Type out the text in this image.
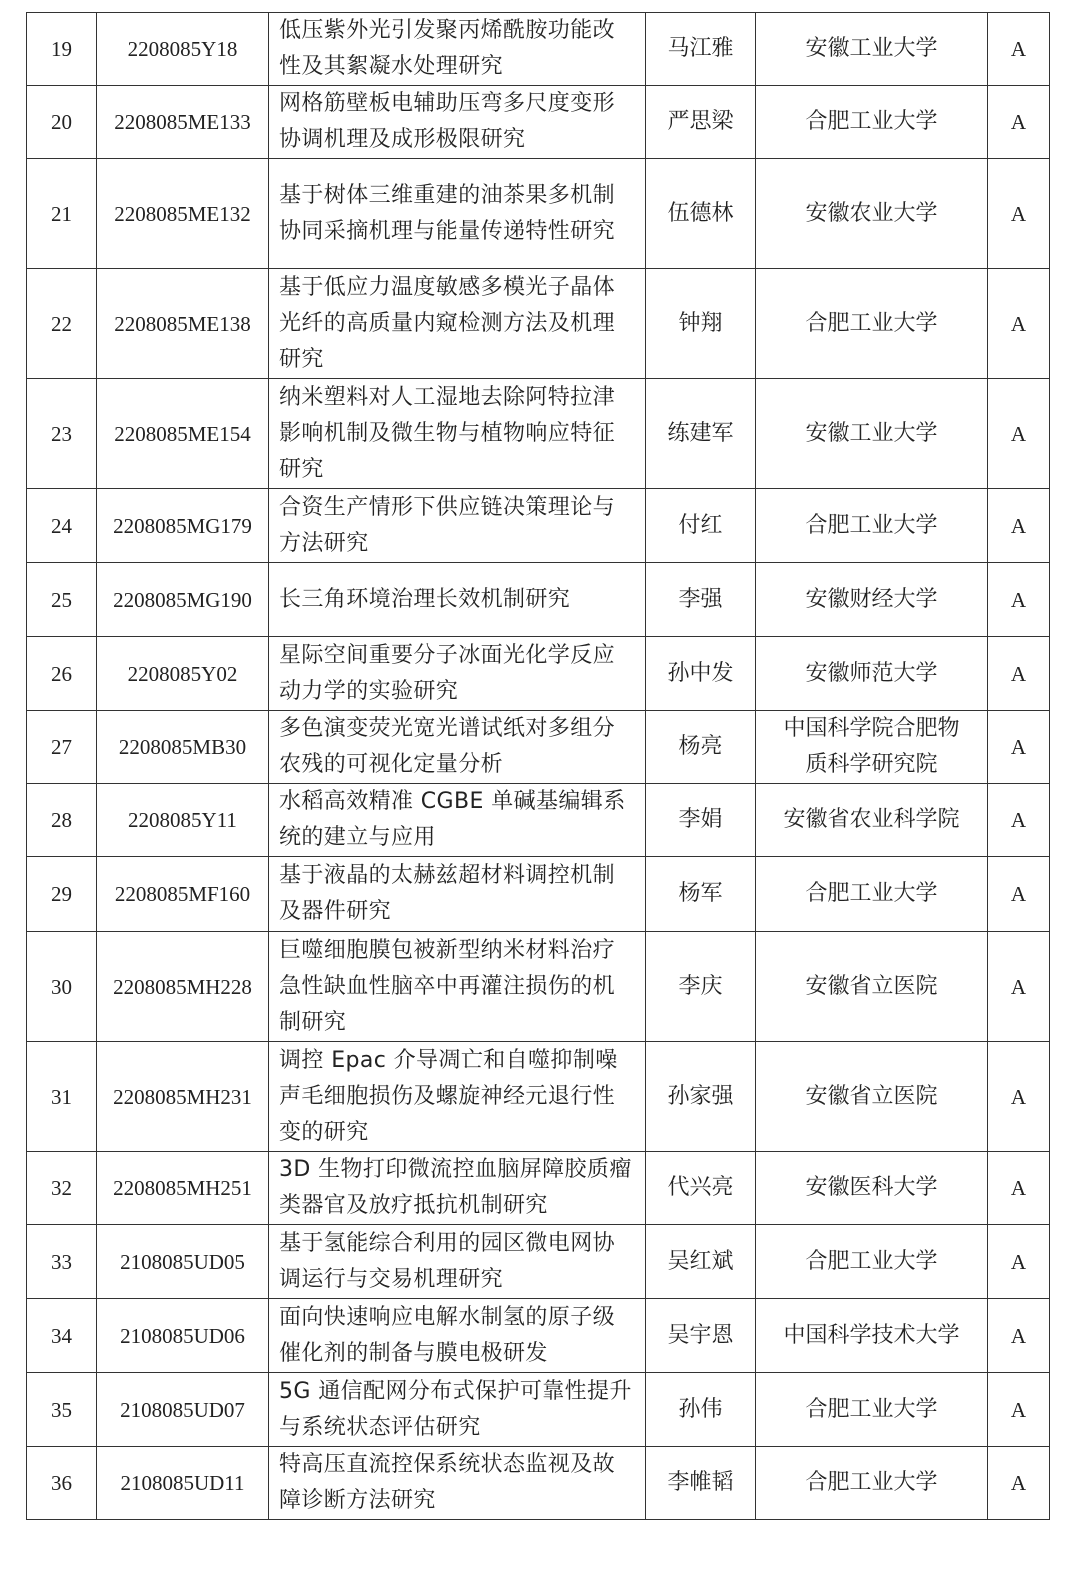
19	2208085Y18	低压紫外光引发聚丙烯酰胺功能改性及其絮凝水处理研究	马江雅	安徽工业大学	A
20	2208085ME133	网格筋壁板电辅助压弯多尺度变形协调机理及成形极限研究	严思梁	合肥工业大学	A
21	2208085ME132	基于树体三维重建的油茶果多机制协同采摘机理与能量传递特性研究	伍德林	安徽农业大学	A
22	2208085ME138	基于低应力温度敏感多模光子晶体光纤的高质量内窥检测方法及机理研究	钟翔	合肥工业大学	A
23	2208085ME154	纳米塑料对人工湿地去除阿特拉津影响机制及微生物与植物响应特征研究	练建军	安徽工业大学	A
24	2208085MG179	合资生产情形下供应链决策理论与方法研究	付红	合肥工业大学	A
25	2208085MG190	长三角环境治理长效机制研究	李强	安徽财经大学	A
26	2208085Y02	星际空间重要分子冰面光化学反应动力学的实验研究	孙中发	安徽师范大学	A
27	2208085MB30	多色演变荧光宽光谱试纸对多组分农残的可视化定量分析	杨亮	中国科学院合肥物质科学研究院	A
28	2208085Y11	水稻高效精准 CGBE 单碱基编辑系统的建立与应用	李娟	安徽省农业科学院	A
29	2208085MF160	基于液晶的太赫兹超材料调控机制及器件研究	杨军	合肥工业大学	A
30	2208085MH228	巨噬细胞膜包被新型纳米材料治疗急性缺血性脑卒中再灌注损伤的机制研究	李庆	安徽省立医院	A
31	2208085MH231	调控 Epac 介导凋亡和自噬抑制噪声毛细胞损伤及螺旋神经元退行性变的研究	孙家强	安徽省立医院	A
32	2208085MH251	3D 生物打印微流控血脑屏障胶质瘤类器官及放疗抵抗机制研究	代兴亮	安徽医科大学	A
33	2108085UD05	基于氢能综合利用的园区微电网协调运行与交易机理研究	吴红斌	合肥工业大学	A
34	2108085UD06	面向快速响应电解水制氢的原子级催化剂的制备与膜电极研发	吴宇恩	中国科学技术大学	A
35	2108085UD07	5G 通信配网分布式保护可靠性提升与系统状态评估研究	孙伟	合肥工业大学	A
36	2108085UD11	特高压直流控保系统状态监视及故障诊断方法研究	李帷韬	合肥工业大学	A
